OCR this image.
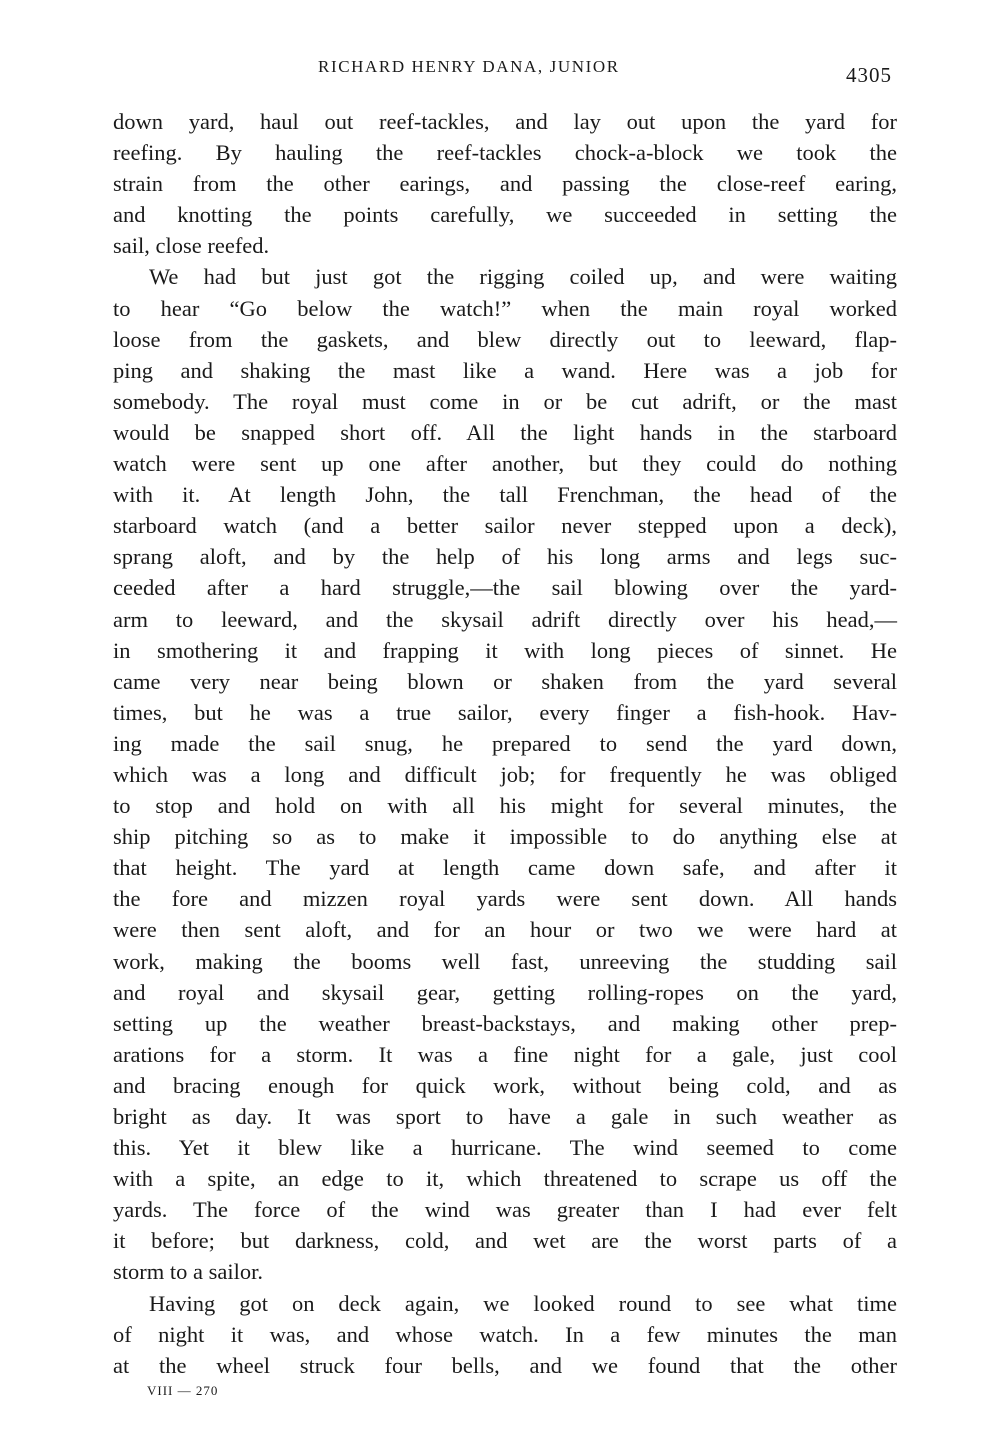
RICHARD HENRY DANA, JUNIOR	4305
down yard, haul out reef-tackles, and lay out upon the yard for
reefing. By hauling the reef-tackles chock-a-block we took the
strain from the other earings, and passing the close-reef earing,
and knotting the points carefully, we succeeded in setting the
sail, close reefed.
We had but just got the rigging coiled up, and were waiting
to hear “Go below the watch!” when the main royal worked
loose from the gaskets, and blew directly out to leeward, flap-
ping and shaking the mast like a wand. Here was a job for
somebody. The royal must come in or be cut adrift, or the mast
would be snapped short off. All the light hands in the starboard
watch were sent up one after another, but they could do nothing
with it. At length John, the tall Frenchman, the head of the
starboard watch (and a better sailor never stepped upon a deck),
sprang aloft, and by the help of his long arms and legs suc-
ceeded after a hard struggle,—the sail blowing over the yard-
arm to leeward, and the skysail adrift directly over his head,—
in smothering it and frapping it with long pieces of sinnet. He
came very near being blown or shaken from the yard several
times, but he was a true sailor, every finger a fish-hook. Hav-
ing made the sail snug, he prepared to send the yard down,
which was a long and difficult job; for frequently he was obliged
to stop and hold on with all his might for several minutes, the
ship pitching so as to make it impossible to do anything else at
that height. The yard at length came down safe, and after it
the fore and mizzen royal yards were sent down. All hands
were then sent aloft, and for an hour or two we were hard at
work, making the booms well fast, unreeving the studding sail
and royal and skysail gear, getting rolling-ropes on the yard,
setting up the weather breast-backstays, and making other prep-
arations for a storm. It was a fine night for a gale, just cool
and bracing enough for quick work, without being cold, and as
bright as day. It was sport to have a gale in such weather as
this. Yet it blew like a hurricane. The wind seemed to come
with a spite, an edge to it, which threatened to scrape us off the
yards. The force of the wind was greater than I had ever felt
it before; but darkness, cold, and wet are the worst parts of a
storm to a sailor.
Having got on deck again, we looked round to see what time
of night it was, and whose watch. In a few minutes the man
at the wheel struck four bells, and we found that the other
VIII — 270
